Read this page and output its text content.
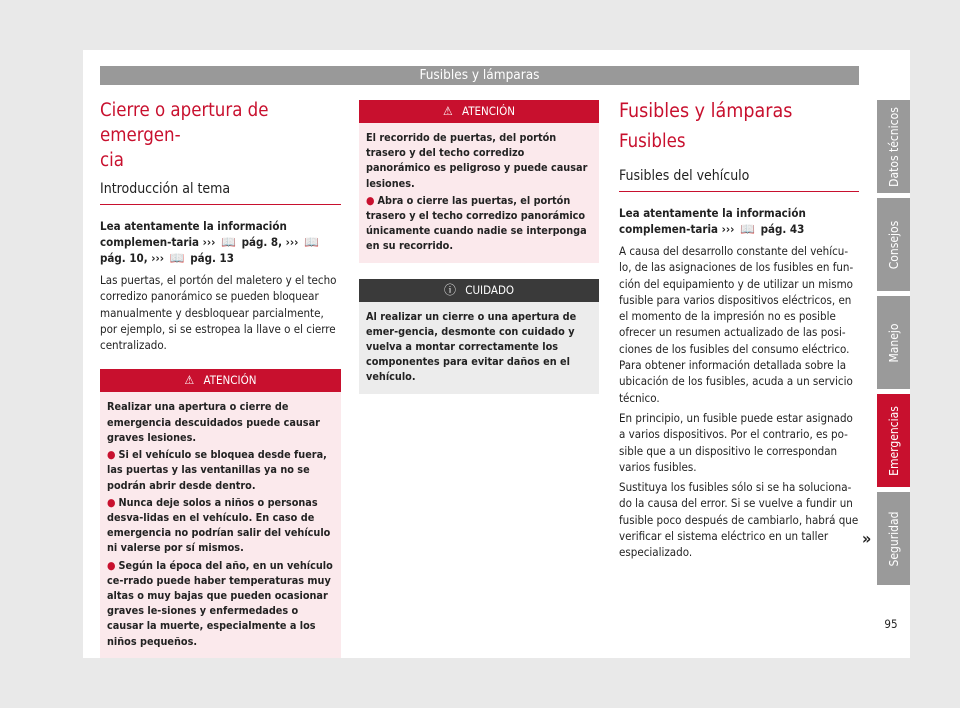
Fusibles y lámparas
Cierre o apertura de emergen-
cia
Introducción al tema
Lea atentamente la información complemen-taria ››› 📖 pág. 8, ››› 📖 pág. 10, ››› 📖 pág. 13

Las puertas, el portón del maletero y el techo corredizo panorámico se pueden bloquear manualmente y desbloquear parcialmente, por ejemplo, si se estropea la llave o el cierre centralizado.

⚠ ATENCIÓN
Realizar una apertura o cierre de emergencia descuidados puede causar graves lesiones.
● Si el vehículo se bloquea desde fuera, las puertas y las ventanillas ya no se podrán abrir desde dentro.
● Nunca deje solos a niños o personas desva-lidas en el vehículo. En caso de emergencia no podrían salir del vehículo ni valerse por sí mismos.
● Según la época del año, en un vehículo ce-rrado puede haber temperaturas muy altas o muy bajas que pueden ocasionar graves le-siones y enfermedades o causar la muerte, especialmente a los niños pequeños.
⚠ ATENCIÓN
El recorrido de puertas, del portón trasero y del techo corredizo panorámico es peligroso y puede causar lesiones.
● Abra o cierre las puertas, el portón trasero y el techo corredizo panorámico únicamente cuando nadie se interponga en su recorrido.
ⓘ CUIDADO
Al realizar un cierre o una apertura de emer-gencia, desmonte con cuidado y vuelva a montar correctamente los componentes para evitar daños en el vehículo.
Fusibles y lámparas
Fusibles
Fusibles del vehículo
Lea atentamente la información complemen-taria ››› 📖 pág. 43

A causa del desarrollo constante del vehícu-lo, de las asignaciones de los fusibles en fun-ción del equipamiento y de utilizar un mismo fusible para varios dispositivos eléctricos, en el momento de la impresión no es posible ofrecer un resumen actualizado de las posi-ciones de los fusibles del consumo eléctrico. Para obtener información detallada sobre la ubicación de los fusibles, acuda a un servicio técnico.

En principio, un fusible puede estar asignado a varios dispositivos. Por el contrario, es po-sible que a un dispositivo le correspondan varios fusibles.

Sustituya los fusibles sólo si se ha soluciona-do la causa del error. Si se vuelve a fundir un fusible poco después de cambiarlo, habrá que verificar el sistema eléctrico en un taller especializado.

»
Datos técnicos
Consejos
Manejo
Emergencias
Seguridad
95
